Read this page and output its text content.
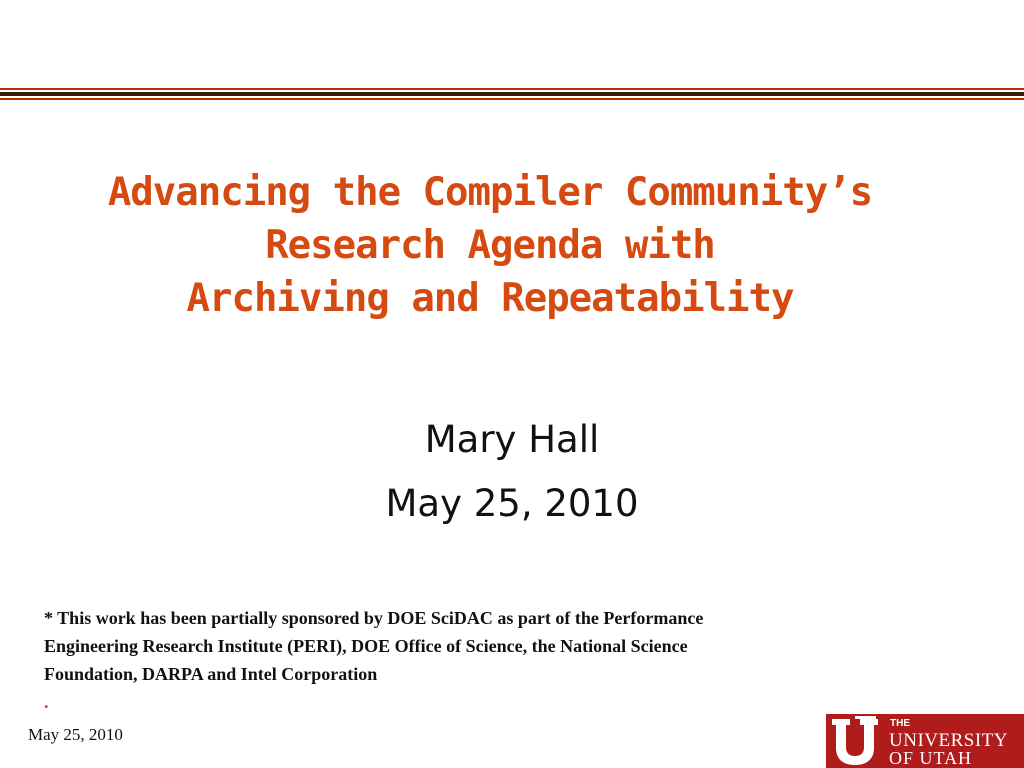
Advancing the Compiler Community’s
Research Agenda with
Archiving and Repeatability
Mary Hall
May 25, 2010
* This work has been partially sponsored by DOE SciDAC as part of the Performance
Engineering Research Institute (PERI), DOE Office of Science, the National Science
Foundation, DARPA and Intel Corporation
.
May 25, 2010
THE
UNIVERSITY
OF UTAH
